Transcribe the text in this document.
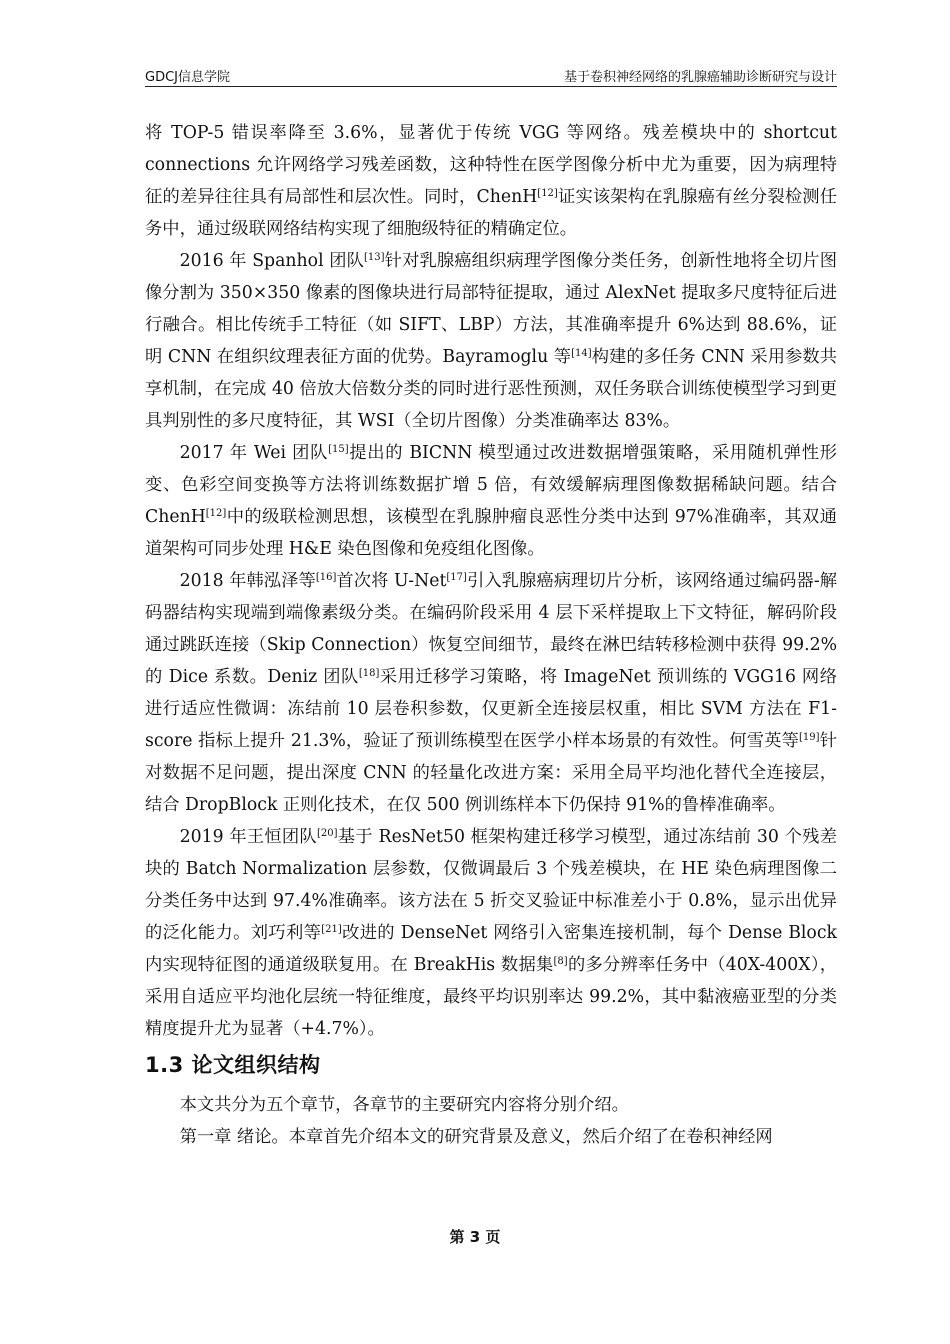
GDCJ信息学院	基于卷积神经网络的乳腺癌辅助诊断研究与设计

将 TOP-5 错误率降至 3.6%，显著优于传统 VGG 等网络。残差模块中的 shortcut connections 允许网络学习残差函数，这种特性在医学图像分析中尤为重要，因为病理特征的差异往往具有局部性和层次性。同时，ChenH[12]证实该架构在乳腺癌有丝分裂检测任务中，通过级联网络结构实现了细胞级特征的精确定位。

2016 年 Spanhol 团队[13]针对乳腺癌组织病理学图像分类任务，创新性地将全切片图像分割为 350×350 像素的图像块进行局部特征提取，通过 AlexNet 提取多尺度特征后进行融合。相比传统手工特征（如 SIFT、LBP）方法，其准确率提升 6%达到 88.6%，证明 CNN 在组织纹理表征方面的优势。Bayramoglu 等[14]构建的多任务 CNN 采用参数共享机制，在完成 40 倍放大倍数分类的同时进行恶性预测，双任务联合训练使模型学习到更具判别性的多尺度特征，其 WSI（全切片图像）分类准确率达 83%。

2017 年 Wei 团队[15]提出的 BICNN 模型通过改进数据增强策略，采用随机弹性形变、色彩空间变换等方法将训练数据扩增 5 倍，有效缓解病理图像数据稀缺问题。结合 ChenH[12]中的级联检测思想，该模型在乳腺肿瘤良恶性分类中达到 97%准确率，其双通道架构可同步处理 H&E 染色图像和免疫组化图像。

2018 年韩泓泽等[16]首次将 U-Net[17]引入乳腺癌病理切片分析，该网络通过编码器-解码器结构实现端到端像素级分类。在编码阶段采用 4 层下采样提取上下文特征，解码阶段通过跳跃连接（Skip Connection）恢复空间细节，最终在淋巴结转移检测中获得 99.2%的 Dice 系数。Deniz 团队[18]采用迁移学习策略，将 ImageNet 预训练的 VGG16 网络进行适应性微调：冻结前 10 层卷积参数，仅更新全连接层权重，相比 SVM 方法在 F1-score 指标上提升 21.3%，验证了预训练模型在医学小样本场景的有效性。何雪英等[19]针对数据不足问题，提出深度 CNN 的轻量化改进方案：采用全局平均池化替代全连接层，结合 DropBlock 正则化技术，在仅 500 例训练样本下仍保持 91%的鲁棒准确率。

2019 年王恒团队[20]基于 ResNet50 框架构建迁移学习模型，通过冻结前 30 个残差块的 Batch Normalization 层参数，仅微调最后 3 个残差模块，在 HE 染色病理图像二分类任务中达到 97.4%准确率。该方法在 5 折交叉验证中标准差小于 0.8%，显示出优异的泛化能力。刘巧利等[21]改进的 DenseNet 网络引入密集连接机制，每个 Dense Block 内实现特征图的通道级联复用。在 BreakHis 数据集[8]的多分辨率任务中（40X-400X），采用自适应平均池化层统一特征维度，最终平均识别率达 99.2%，其中黏液癌亚型的分类精度提升尤为显著（+4.7%）。

1.3 论文组织结构

本文共分为五个章节，各章节的主要研究内容将分别介绍。

第一章 绪论。本章首先介绍本文的研究背景及意义，然后介绍了在卷积神经网

第 3 页
